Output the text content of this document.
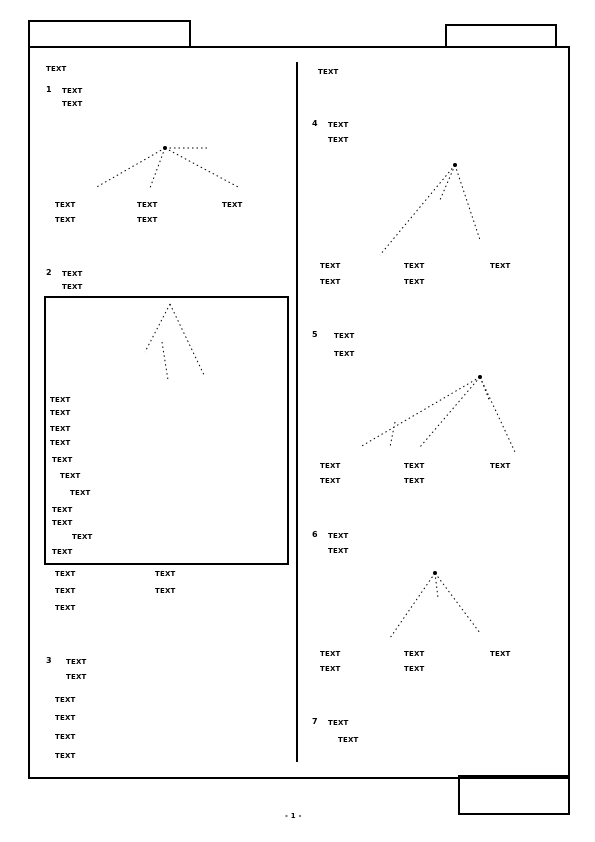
TEXT
1 TEXT
TEXT
TEXT
TEXT
TEXT
TEXT
TEXT
2 TEXT
TEXT
TEXT
TEXT
TEXT
TEXT
TEXT
TEXT
TEXT
TEXT
TEXT
TEXT
TEXT
TEXT	TEXT
TEXT	TEXT
TEXT
3 TEXT
TEXT
TEXT
TEXT
TEXT
TEXT
TEXT
4 TEXT
TEXT
TEXT
TEXT
TEXT
TEXT
TEXT
5 TEXT
TEXT
TEXT
TEXT
TEXT
TEXT
TEXT
6 TEXT
TEXT
TEXT
TEXT
TEXT
TEXT
TEXT
7 TEXT
TEXT
- 1 -
